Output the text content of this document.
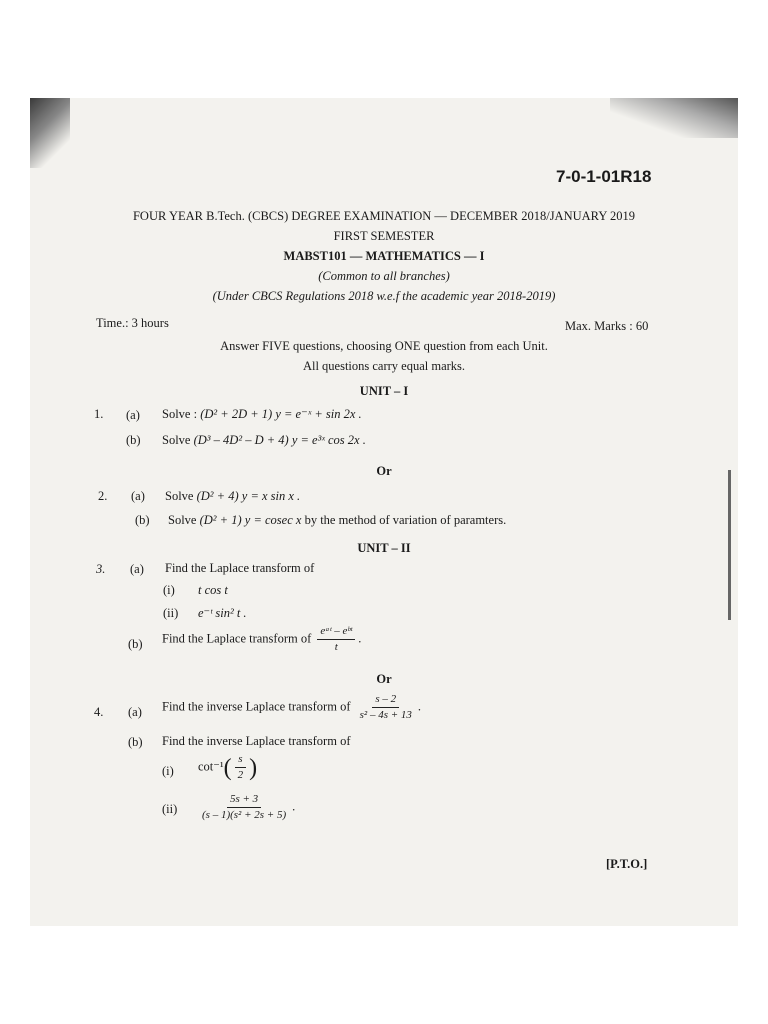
7-0-1-01R18
FOUR YEAR B.Tech. (CBCS) DEGREE EXAMINATION — DECEMBER 2018/JANUARY 2019
FIRST SEMESTER
MABST101 — MATHEMATICS — I
(Common to all branches)
(Under CBCS Regulations 2018 w.e.f the academic year 2018-2019)
Time.: 3 hours	Max. Marks : 60
Answer FIVE questions, choosing ONE question from each Unit.
All questions carry equal marks.
UNIT – I
1. (a) Solve : (D² + 2D + 1) y = e⁻ˣ + sin 2x .
(b) Solve (D³ – 4D² – D + 4) y = e³ˣ cos 2x .
Or
2. (a) Solve (D² + 4) y = x sin x .
(b) Solve (D² + 1) y = cosec x by the method of variation of paramters.
UNIT – II
3. (a) Find the Laplace transform of
(i) t cos t
(ii) e⁻ᵗ sin² t .
(b) Find the Laplace transform of $\frac{\text{eᵃᵗ – eᵇᵗ}}{t}$ .
Or
4. (a) Find the inverse Laplace transform of $\frac{s - 2}{\text{s² – 4s + 13}}$ .
(b) Find the inverse Laplace transform of
(i) cot⁻¹ ( $\frac{s}{2}$ )
$(ii) \frac{5s + 3}{\text{(s – 1)(s² + 2s + 5)}}$ .
[P.T.O.]
